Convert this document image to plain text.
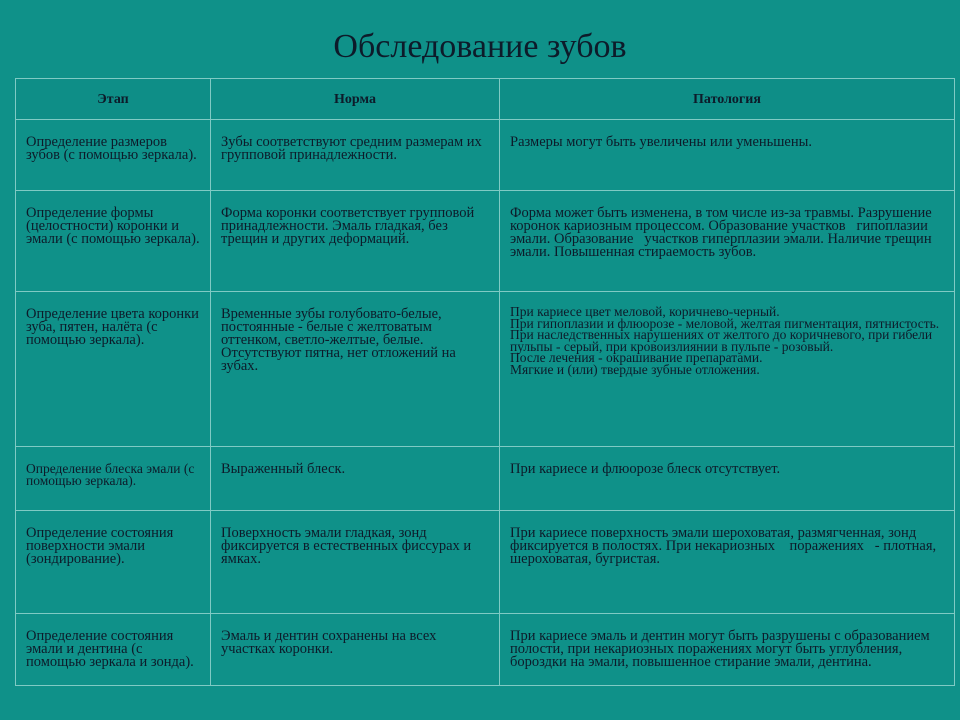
Обследование зубов
Этап	Норма	Патология
Определение размеров зубов (с помощью зеркала).	Зубы соответствуют средним размерам их групповой принадлежности.	Размеры могут быть увеличены или уменьшены.

Определение формы (целостности) коронки и эмали (с помощью зеркала).	Форма коронки соответствует групповой принадлежности. Эмаль гладкая, без трещин и других деформаций.	Форма может быть изменена, в том числе из-за травмы. Разрушение коронок кариозным процессом. Образование участков   гипоплазии эмали. Образование   участков гиперплазии эмали. Наличие трещин эмали. Повышенная стираемость зубов.

Определение цвета коронки зуба, пятен, налёта (с помощью зеркала).	Временные зубы голубовато-белые, постоянные - белые с желтоватым оттенком, светло-желтые, белые. Отсутствуют пятна, нет отложений на зубах.	При кариесе цвет меловой, коричнево-черный.
При гипоплазии и флюорозе - меловой, желтая пигментация, пятнистость.
При наследственных нарушениях от желтого до коричневого, при гибели пульпы - серый, при кровоизлиянии в пульпе - розовый.
После лечения - окрашивание препаратами.
Мягкие и (или) твердые зубные отложения.

Определение блеска эмали (с помощью зеркала).	Выраженный блеск.	При кариесе и флюорозе блеск отсутствует.

Определение состояния поверхности эмали (зондирование).	Поверхность эмали гладкая, зонд фиксируется в естественных фиссурах и ямках.	При кариесе поверхность эмали шероховатая, размягченная, зонд фиксируется в полостях. При некариозных    поражениях   - плотная, шероховатая, бугристая.

Определение состояния эмали и дентина (с помощью зеркала и зонда).	Эмаль и дентин сохранены на всех участках коронки.	При кариесе эмаль и дентин могут быть разрушены с образованием полости, при некариозных поражениях могут быть углубления, бороздки на эмали, повышенное стирание эмали, дентина.
